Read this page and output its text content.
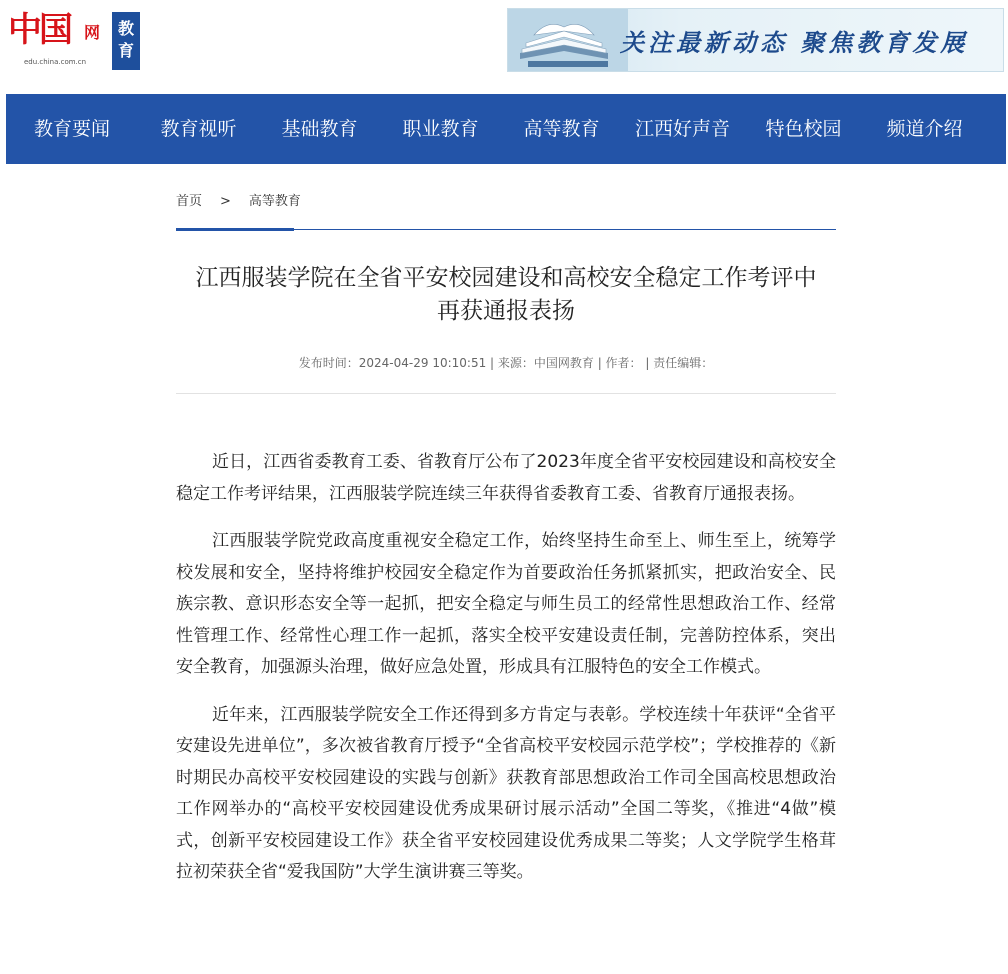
中国 网
edu.china.com.cn
教育	关注最新动态 聚焦教育发展
教育要闻	教育视听	基础教育	职业教育	高等教育	江西好声音	特色校园	频道介绍
首页 > 高等教育
江西服装学院在全省平安校园建设和高校安全稳定工作考评中
再获通报表扬
发布时间：2024-04-29 10:10:51 | 来源：中国网教育 | 作者： | 责任编辑：

近日，江西省委教育工委、省教育厅公布了2023年度全省平安校园建设和高校安全稳定工作考评结果，江西服装学院连续三年获得省委教育工委、省教育厅通报表扬。

江西服装学院党政高度重视安全稳定工作，始终坚持生命至上、师生至上，统筹学校发展和安全，坚持将维护校园安全稳定作为首要政治任务抓紧抓实，把政治安全、民族宗教、意识形态安全等一起抓，把安全稳定与师生员工的经常性思想政治工作、经常性管理工作、经常性心理工作一起抓，落实全校平安建设责任制，完善防控体系，突出安全教育，加强源头治理，做好应急处置，形成具有江服特色的安全工作模式。

近年来，江西服装学院安全工作还得到多方肯定与表彰。学校连续十年获评“全省平安建设先进单位”，多次被省教育厅授予“全省高校平安校园示范学校”；学校推荐的《新时期民办高校平安校园建设的实践与创新》获教育部思想政治工作司全国高校思想政治工作网举办的“高校平安校园建设优秀成果研讨展示活动”全国二等奖，《推进“4做”模式，创新平安校园建设工作》获全省平安校园建设优秀成果二等奖；人文学院学生格茸拉初荣获全省“爱我国防”大学生演讲赛三等奖。
